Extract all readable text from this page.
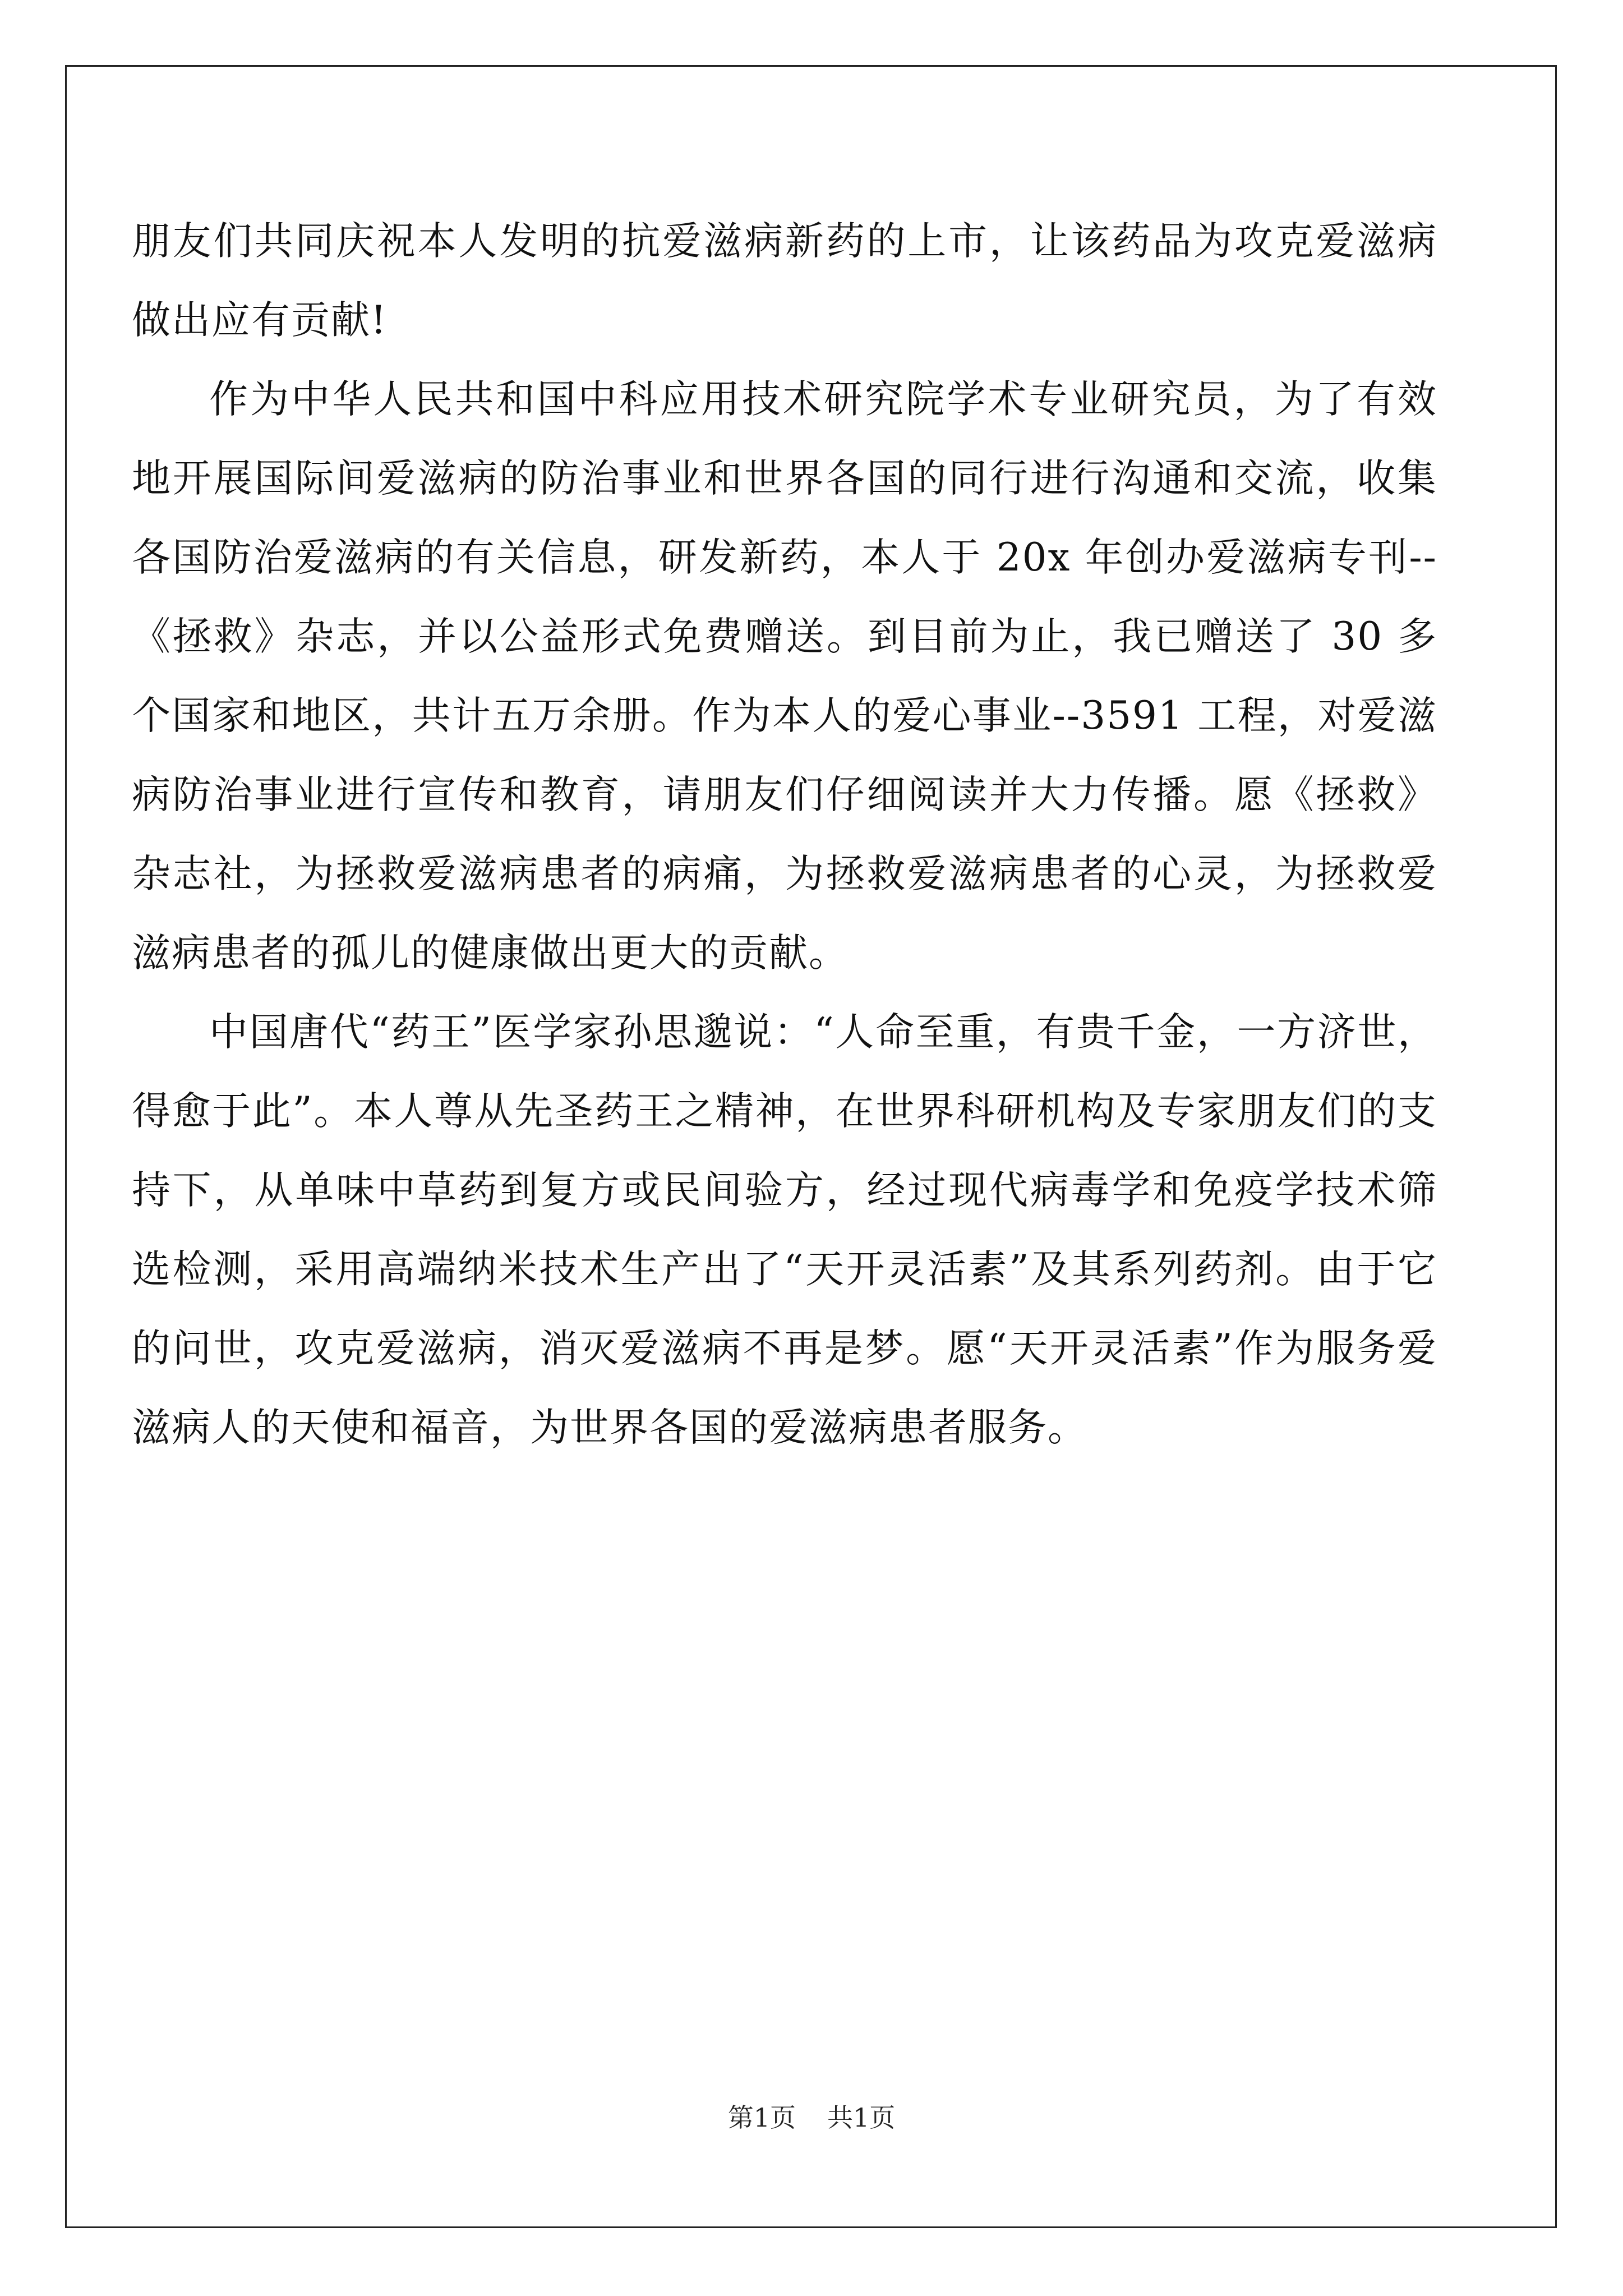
朋友们共同庆祝本人发明的抗爱滋病新药的上市，让该药品为攻克爱滋病做出应有贡献!

作为中华人民共和国中科应用技术研究院学术专业研究员，为了有效地开展国际间爱滋病的防治事业和世界各国的同行进行沟通和交流，收集各国防治爱滋病的有关信息，研发新药，本人于 20x 年创办爱滋病专刊--《拯救》杂志，并以公益形式免费赠送。到目前为止，我已赠送了 30 多个国家和地区，共计五万余册。作为本人的爱心事业--3591 工程，对爱滋病防治事业进行宣传和教育，请朋友们仔细阅读并大力传播。愿《拯救》杂志社，为拯救爱滋病患者的病痛，为拯救爱滋病患者的心灵，为拯救爱滋病患者的孤儿的健康做出更大的贡献。

中国唐代“药王”医学家孙思邈说：“人命至重，有贵千金，一方济世，得愈于此”。本人尊从先圣药王之精神，在世界科研机构及专家朋友们的支持下，从单味中草药到复方或民间验方，经过现代病毒学和免疫学技术筛选检测，采用高端纳米技术生产出了“天开灵活素”及其系列药剂。由于它的问世，攻克爱滋病，消灭爱滋病不再是梦。愿“天开灵活素”作为服务爱滋病人的天使和福音，为世界各国的爱滋病患者服务。

第1页 共1页
